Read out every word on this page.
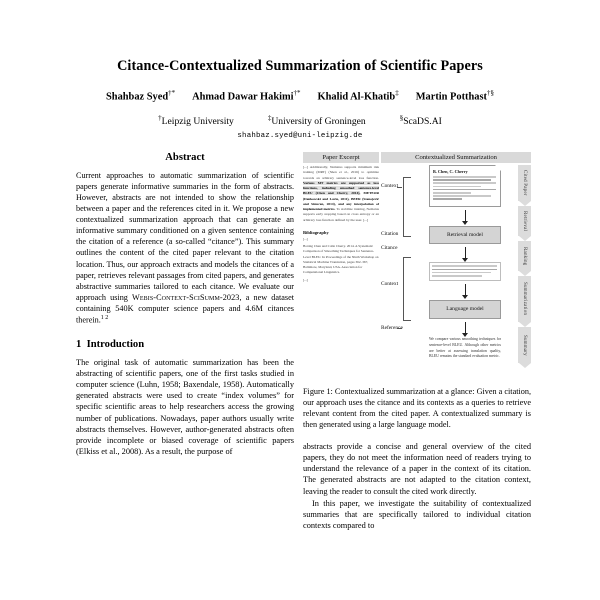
Citance-Contextualized Summarization of Scientific Papers
Shahbaz Syed†* Ahmad Dawar Hakimi†* Khalid Al-Khatib‡ Martin Potthast†§
†Leipzig University	‡University of Groningen	§ScaDS.AI
shahbaz.syed@uni-leipzig.de
Abstract
Current approaches to automatic summarization of scientific papers generate informative summaries in the form of abstracts. However, abstracts are not intended to show the relationship between a paper and the references cited in it. We propose a new contextualized summarization approach that can generate an informative summary conditioned on a given sentence containing the citation of a reference (a so-called “citance”). This summary outlines the content of the cited paper relevant to the citation location. Thus, our approach extracts and models the citances of a paper, retrieves relevant passages from cited papers, and generates abstractive summaries tailored to each citance. We evaluate our approach using Webis-Context-SciSumm-2023, a new dataset containing 540K computer science papers and 4.6M citances therein.$^{1 2}$
1 Introduction
The original task of automatic summarization has been the abstracting of scientific papers, one of the first tasks studied in computer science (Luhn, 1958; Baxendale, 1958). Automatically generated abstracts were used to create “index volumes” for specific scientific areas to help researchers access the growing number of publications. Nowadays, paper authors usually write abstracts themselves. However, author-generated abstracts often provide incomplete or biased coverage of scientific papers (Elkiss et al., 2008). As a result, the purpose of
Paper Excerpt	Contextualized Summarization
[...] Additionally, Nematus supports minimum risk training (MRT) (Shen et al., 2016) to optimize towards an arbitrary sentence-level loss function. Various MT metrics are supported as loss functions, including smoothed sentence-level BLEU (Chen and Cherry, 2014), METEOR (Denkowski and Lavie, 2011), BEER (Stanojević and Sima'an, 2014), and any interpolation of implemented metrics. To stabilize training, Nematus supports early stopping based on cross entropy or an arbitrary loss function defined by the user. [...]
Bibliography
[...]
Boxing Chen and Colin Cherry. 2014. A Systematic Comparison of Smoothing Techniques for Sentence-Level BLEU. In Proceedings of the Ninth Workshop on Statistical Machine Translation, pages 362–367, Baltimore, Maryland, USA. Association for Computational Linguistics.
[...]
Context
Citation
Citance
Context
Reference
B. Chen, C. Cherry
Retrieval model
Language model
We compare various smoothing techniques for sentence-level BLEU. Although other metrics are better at assessing translation quality, BLEU remains the standard evaluation metric.
Cited Paper
Retrieval
Ranking
Summarization
Summary
Figure 1: Contextualized summarization at a glance: Given a citation, our approach uses the citance and its contexts as a queries to retrieve relevant content from the cited paper. A contextualized summary is then generated using a large language model.
abstracts provide a concise and general overview of the cited papers, they do not meet the information need of readers trying to understand the relevance of a paper in the context of its citation. The generated abstracts are not adapted to the citation context, leaving the reader to consult the cited work directly.
In this paper, we investigate the suitability of contextualized summaries that are specifically tailored to individual citation contexts compared to
